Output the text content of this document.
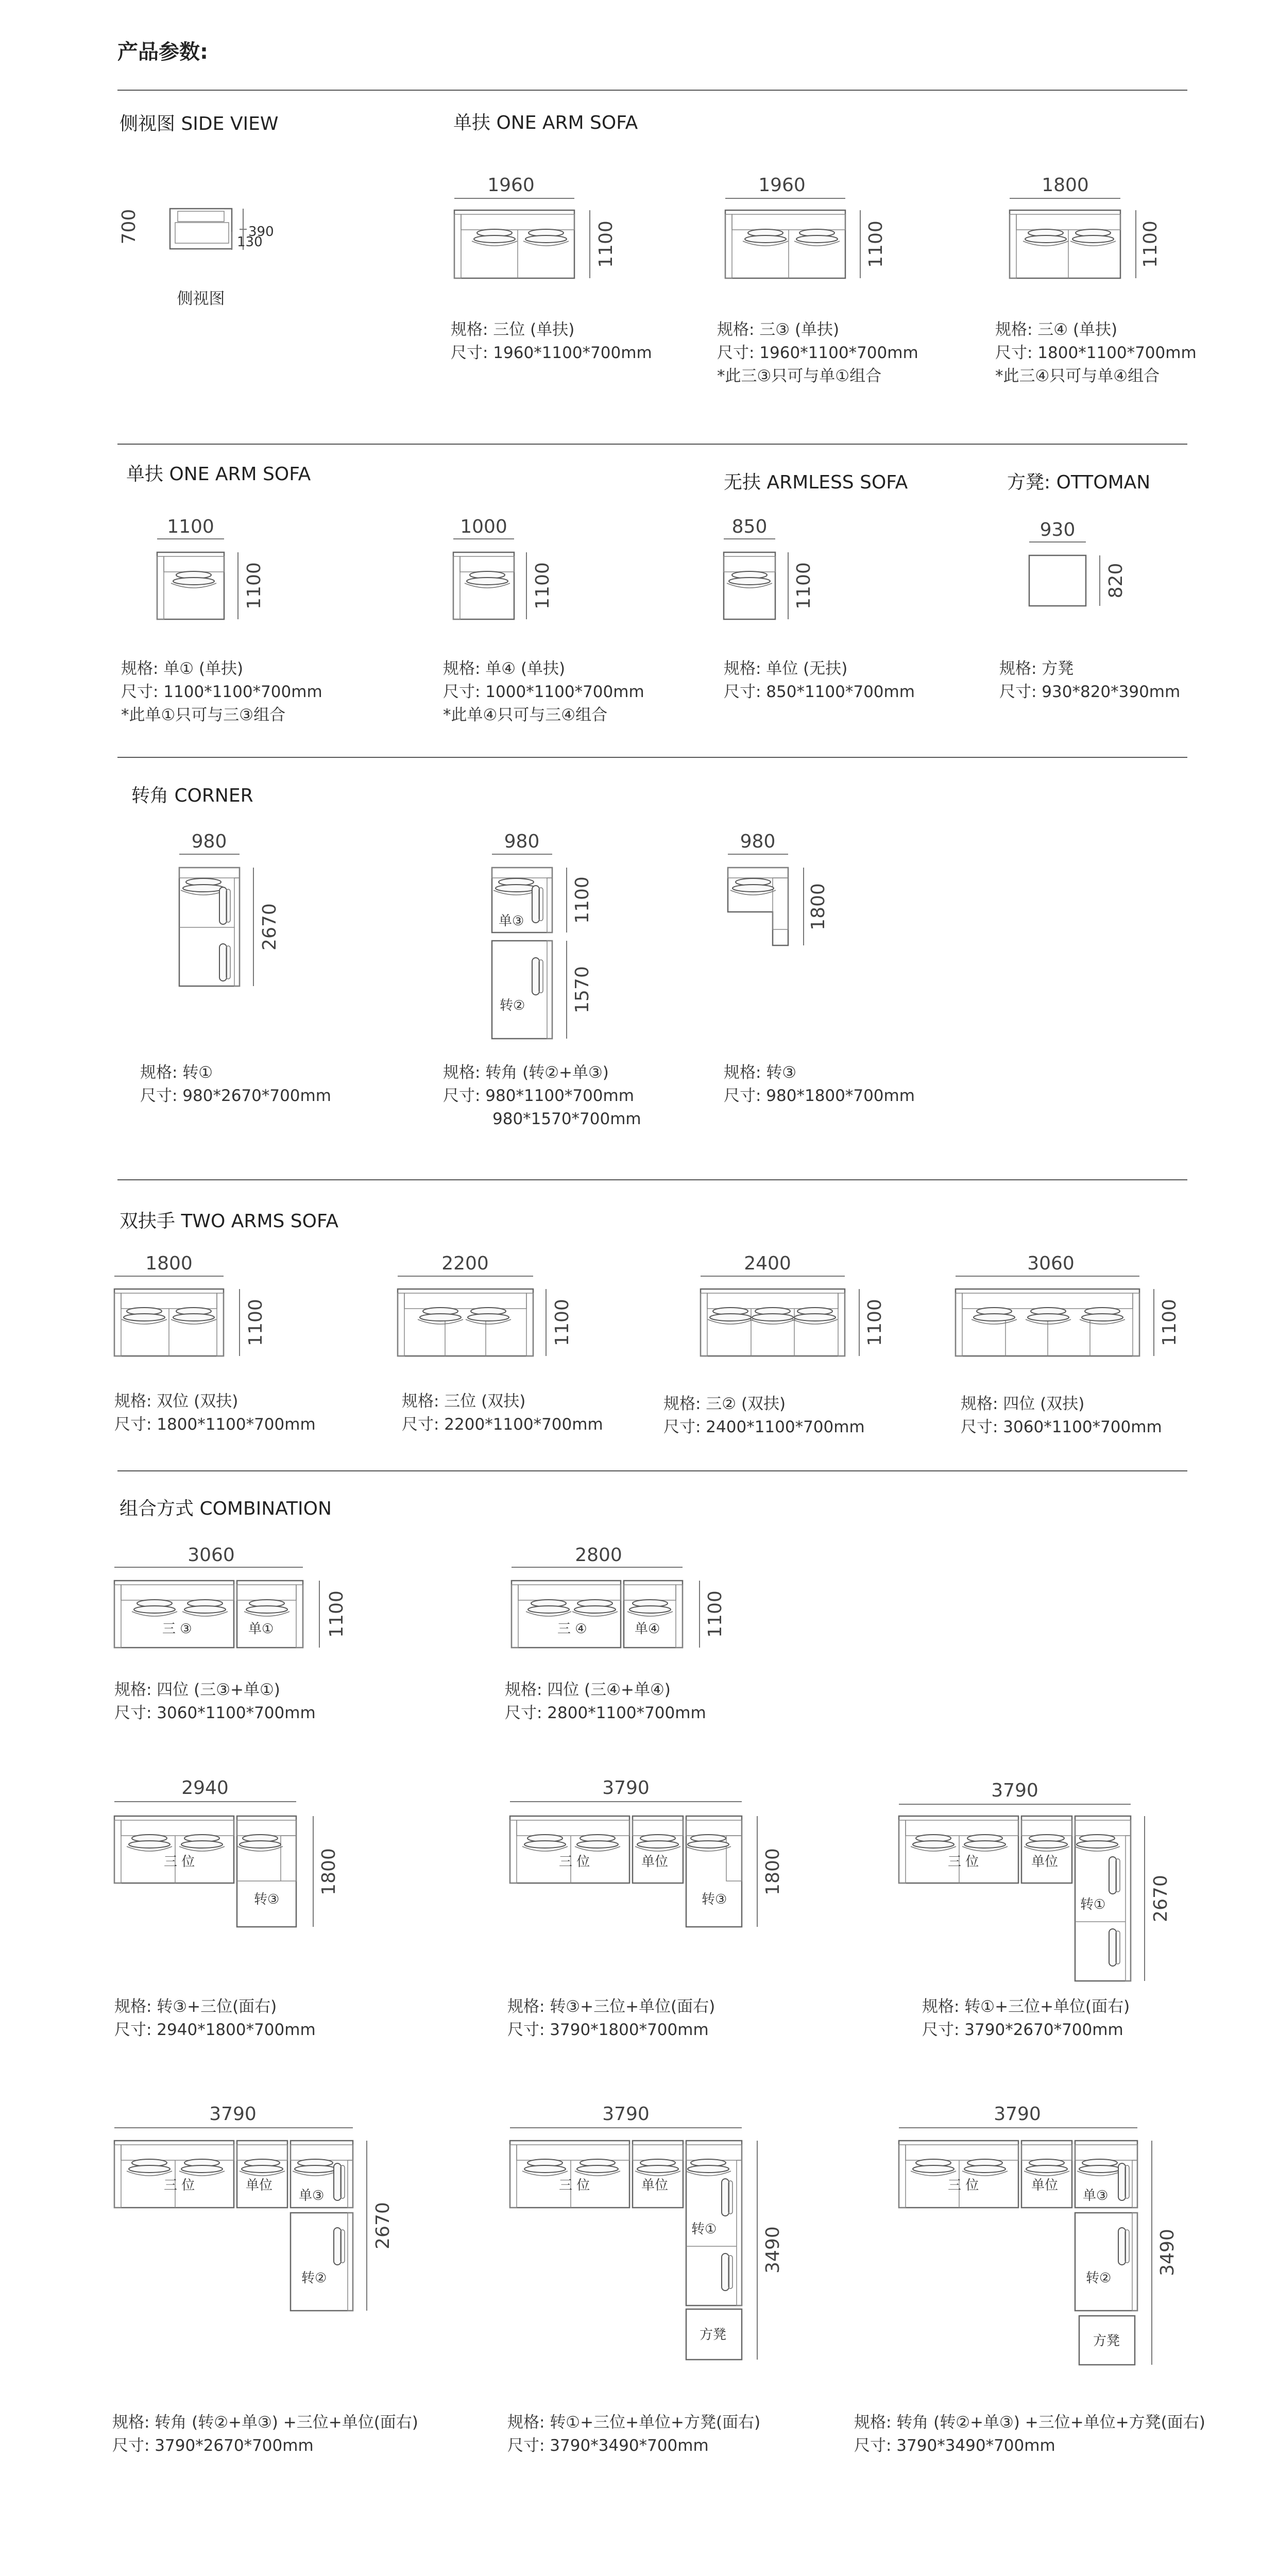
产品参数:
侧视图 SIDE VIEW	单扶 ONE ARM SOFA
单扶 ONE ARM SOFA	无扶 ARMLESS SOFA	方凳: OTTOMAN
转角 CORNER
双扶手 TWO ARMS SOFA
组合方式 COMBINATION
700	390
130
侧视图
1960
1100
规格: 三位 (单扶)
尺寸: 1960*1100*700mm
1960
1100
规格: 三③ (单扶)
尺寸: 1960*1100*700mm
*此三③只可与单①组合
1800
1100
规格: 三④ (单扶)
尺寸: 1800*1100*700mm
*此三④只可与单④组合
1100
1100
规格: 单① (单扶)
尺寸: 1100*1100*700mm
*此单①只可与三③组合
1000
1100
规格: 单④ (单扶)
尺寸: 1000*1100*700mm
*此单④只可与三④组合
850
1100
规格: 单位 (无扶)
尺寸: 850*1100*700mm
930
820
规格: 方凳
尺寸: 930*820*390mm
980
2670
规格: 转①
尺寸: 980*2670*700mm
单③
转②
980
1100
1570
规格: 转角 (转②+单③)
尺寸: 980*1100*700mm
980*1570*700mm
980
1800
规格: 转③
尺寸: 980*1800*700mm
1800
1100
规格: 双位 (双扶)
尺寸: 1800*1100*700mm
2200
1100
规格: 三位 (双扶)
尺寸: 2200*1100*700mm
2400
1100
规格: 三② (双扶)
尺寸: 2400*1100*700mm
3060
1100
规格: 四位 (双扶)
尺寸: 3060*1100*700mm
三 ③	单①
3060
1100
规格: 四位 (三③+单①)
尺寸: 3060*1100*700mm
三 ④	单④
2800
1100
规格: 四位 (三④+单④)
尺寸: 2800*1100*700mm
三 位
转③
2940
1800
规格: 转③+三位(面右)
尺寸: 2940*1800*700mm
三 位	单位
转③
3790
1800
规格: 转③+三位+单位(面右)
尺寸: 3790*1800*700mm
三 位	单位
转①
3790
2670
规格: 转①+三位+单位(面右)
尺寸: 3790*2670*700mm
三 位	单位
单③
转②
3790
2670
规格: 转角 (转②+单③) +三位+单位(面右)
尺寸: 3790*2670*700mm
三 位	单位
转①
方凳
3790
3490
规格: 转①+三位+单位+方凳(面右)
尺寸: 3790*3490*700mm
三 位	单位
单③
转②
方凳
3790
3490
规格: 转角 (转②+单③) +三位+单位+方凳(面右)
尺寸: 3790*3490*700mm
